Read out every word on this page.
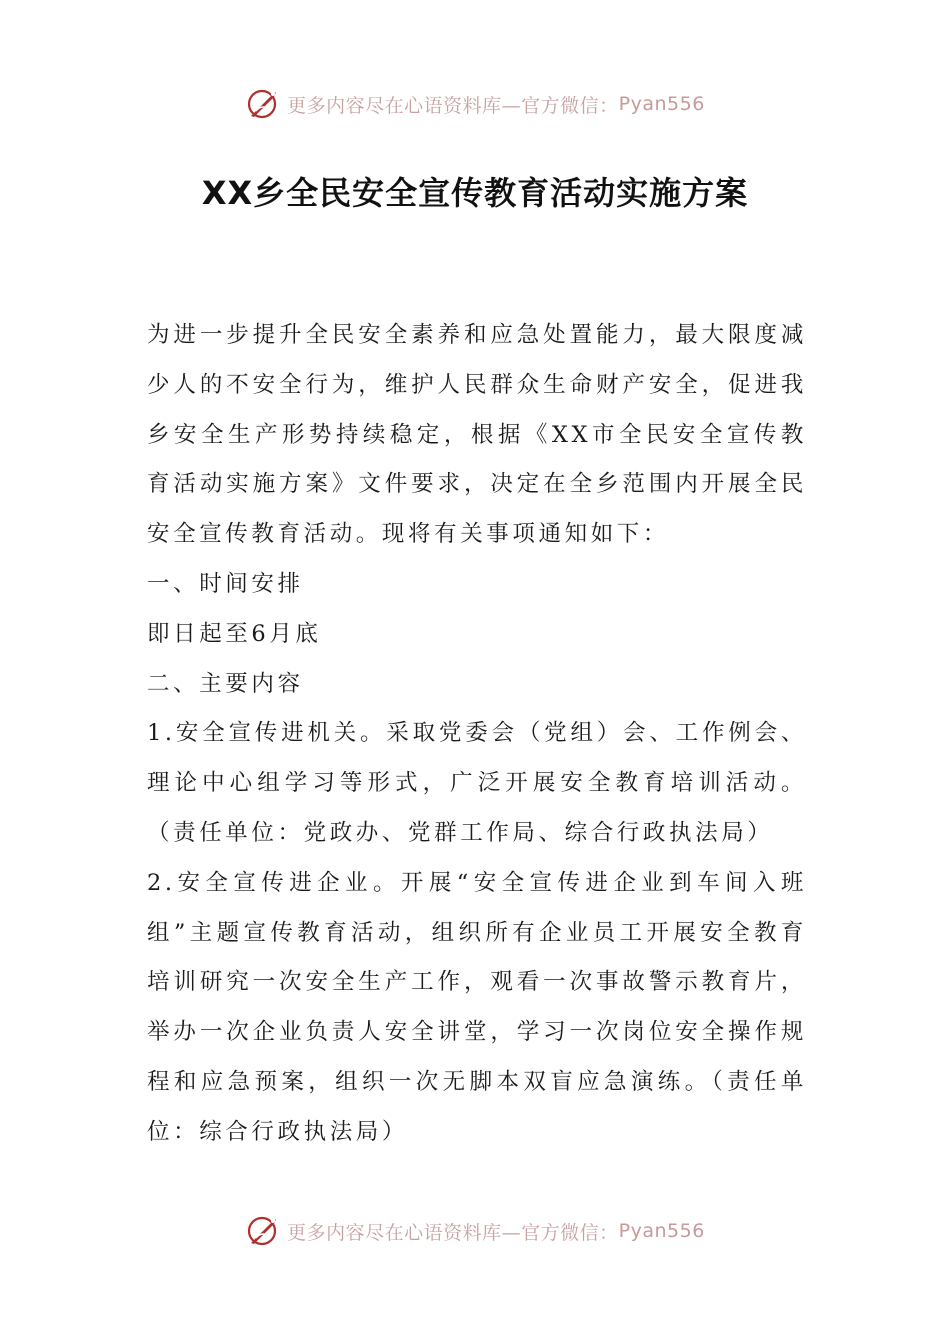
更多内容尽在心语资料库—官方微信： Pyan556
XX乡全民安全宣传教育活动实施方案

为进一步提升全民安全素养和应急处置能力，最大限度减少人的不安全行为，维护人民群众生命财产安全，促进我乡安全生产形势持续稳定，根据《XX市全民安全宣传教育活动实施方案》文件要求，决定在全乡范围内开展全民安全宣传教育活动。现将有关事项通知如下：

一、时间安排

即日起至6月底

二、主要内容

1.安全宣传进机关。采取党委会（党组）会、工作例会、理论中心组学习等形式，广泛开展安全教育培训活动。（责任单位：党政办、党群工作局、综合行政执法局）

2.安全宣传进企业。开展“安全宣传进企业到车间入班组”主题宣传教育活动，组织所有企业员工开展安全教育培训研究一次安全生产工作，观看一次事故警示教育片，举办一次企业负责人安全讲堂，学习一次岗位安全操作规程和应急预案，组织一次无脚本双盲应急演练。（责任单位：综合行政执法局）

更多内容尽在心语资料库—官方微信： Pyan556
